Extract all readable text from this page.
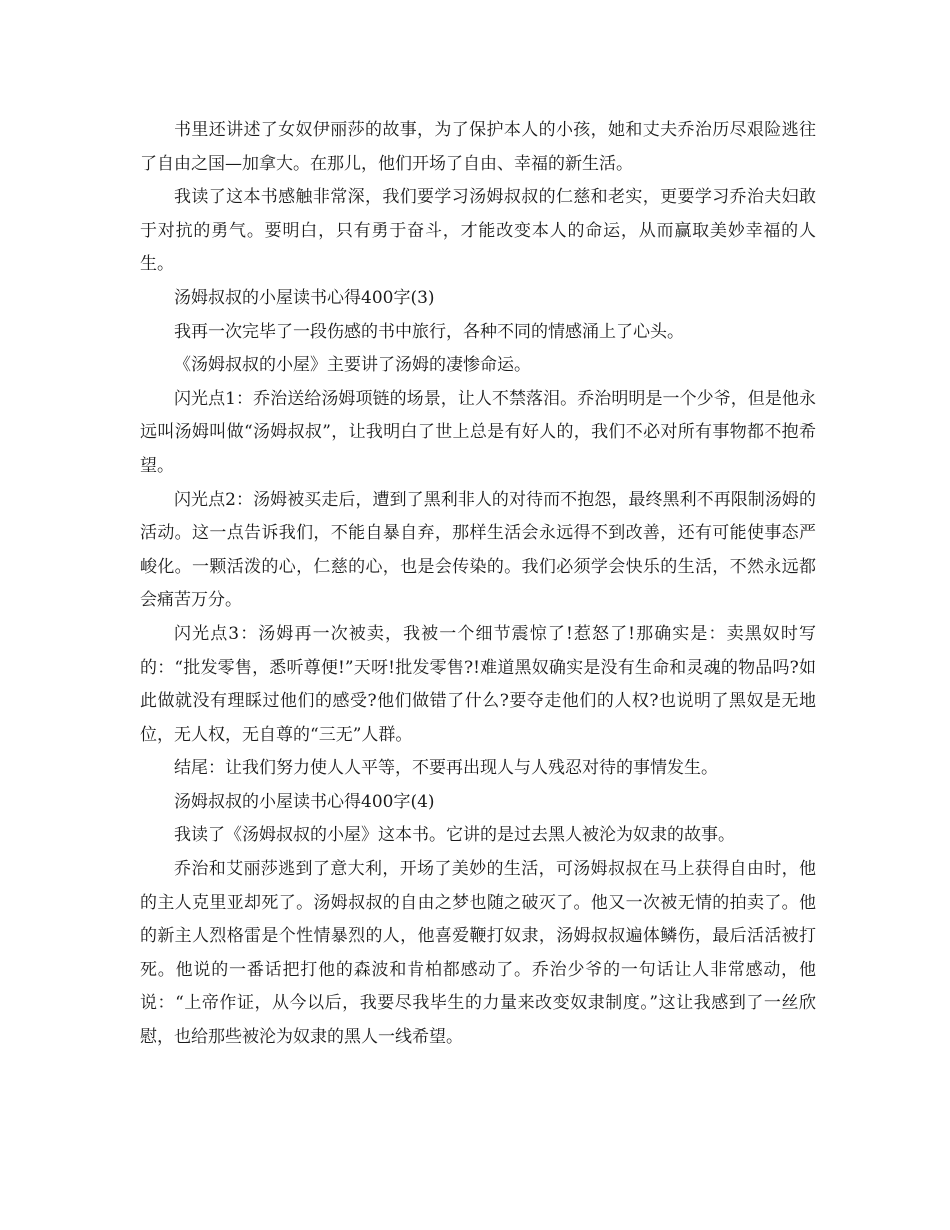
书里还讲述了女奴伊丽莎的故事，为了保护本人的小孩，她和丈夫乔治历尽艰险逃往了自由之国—加拿大。在那儿，他们开场了自由、幸福的新生活。

我读了这本书感触非常深，我们要学习汤姆叔叔的仁慈和老实，更要学习乔治夫妇敢于对抗的勇气。要明白，只有勇于奋斗，才能改变本人的命运，从而赢取美妙幸福的人生。

汤姆叔叔的小屋读书心得400字(3)

我再一次完毕了一段伤感的书中旅行，各种不同的情感涌上了心头。

《汤姆叔叔的小屋》主要讲了汤姆的凄惨命运。

闪光点1：乔治送给汤姆项链的场景，让人不禁落泪。乔治明明是一个少爷，但是他永远叫汤姆叫做“汤姆叔叔”，让我明白了世上总是有好人的，我们不必对所有事物都不抱希望。

闪光点2：汤姆被买走后，遭到了黑利非人的对待而不抱怨，最终黑利不再限制汤姆的活动。这一点告诉我们，不能自暴自弃，那样生活会永远得不到改善，还有可能使事态严峻化。一颗活泼的心，仁慈的心，也是会传染的。我们必须学会快乐的生活，不然永远都会痛苦万分。

闪光点3：汤姆再一次被卖，我被一个细节震惊了!惹怒了!那确实是：卖黑奴时写的：“批发零售，悉听尊便!”天呀!批发零售?!难道黑奴确实是没有生命和灵魂的物品吗?如此做就没有理睬过他们的感受?他们做错了什么?要夺走他们的人权?也说明了黑奴是无地位，无人权，无自尊的“三无”人群。

结尾：让我们努力使人人平等，不要再出现人与人残忍对待的事情发生。

汤姆叔叔的小屋读书心得400字(4)

我读了《汤姆叔叔的小屋》这本书。它讲的是过去黑人被沦为奴隶的故事。

乔治和艾丽莎逃到了意大利，开场了美妙的生活，可汤姆叔叔在马上获得自由时，他的主人克里亚却死了。汤姆叔叔的自由之梦也随之破灭了。他又一次被无情的拍卖了。他的新主人烈格雷是个性情暴烈的人，他喜爱鞭打奴隶，汤姆叔叔遍体鳞伤，最后活活被打死。他说的一番话把打他的森波和肯柏都感动了。乔治少爷的一句话让人非常感动，他说：“上帝作证，从今以后，我要尽我毕生的力量来改变奴隶制度。”这让我感到了一丝欣慰，也给那些被沦为奴隶的黑人一线希望。
